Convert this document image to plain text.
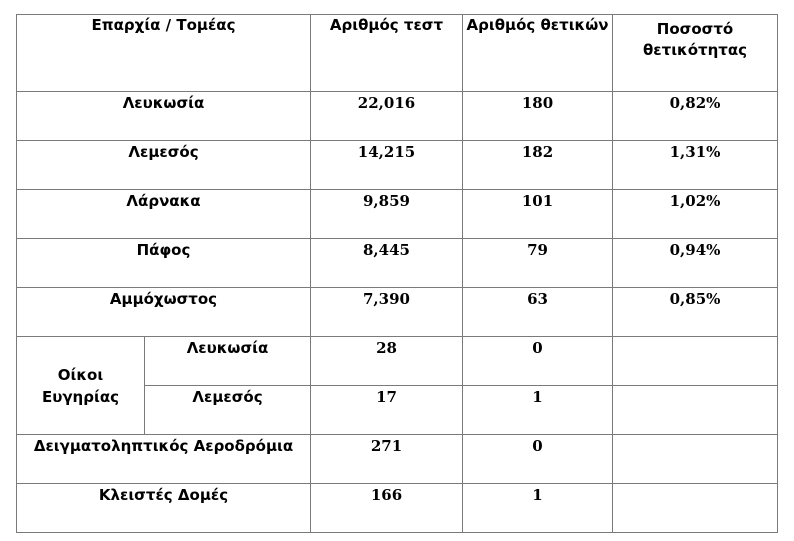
Επαρχία / Τομέας		Αριθμός τεστ	Αριθμός θετικών	Ποσοστό
θετικότητας
Λευκωσία		22,016	180	0,82%
Λεμεσός		14,215	182	1,31%
Λάρνακα		9,859	101	1,02%
Πάφος		8,445	79	0,94%
Αμμόχωστος		7,390	63	0,85%
Οίκοι Ευγηρίας	Λευκωσία	28	0	
	Λεμεσός	17	1	
Δειγματοληπτικός Αεροδρόμια		271	0	
Κλειστές Δομές		166	1	
